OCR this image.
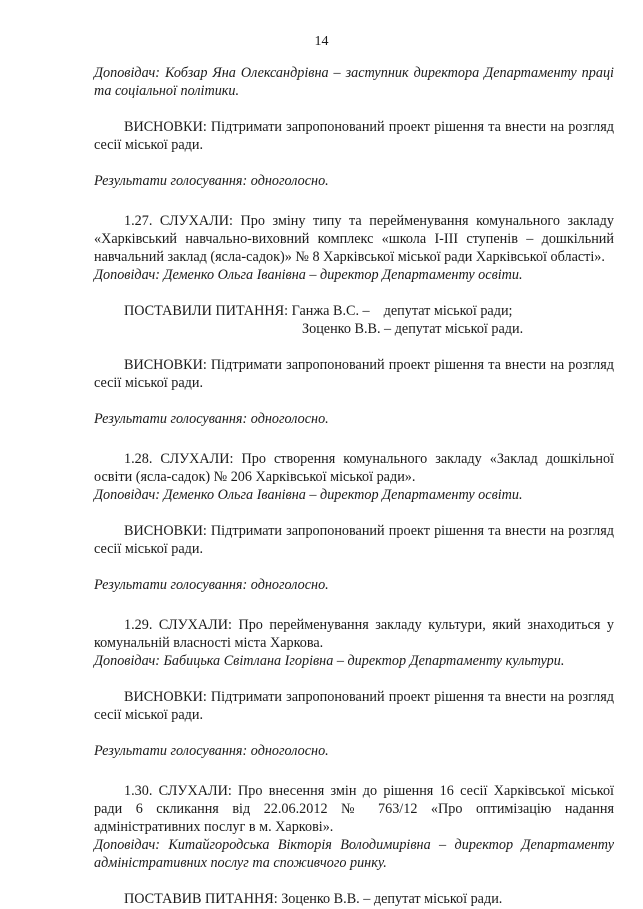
14

Доповідач: Кобзар Яна Олександрівна – заступник директора Департаменту праці та соціальної політики.

ВИСНОВКИ: Підтримати запропонований проект рішення та внести на розгляд сесії міської ради.

Результати голосування: одноголосно.

1.27. СЛУХАЛИ: Про зміну типу та перейменування комунального закладу «Харківський навчально-виховний комплекс «школа І-ІІІ ступенів – дошкільний навчальний заклад (ясла-садок)» № 8 Харківської міської ради Харківської області».

Доповідач: Деменко Ольга Іванівна – директор Департаменту освіти.

ПОСТАВИЛИ ПИТАННЯ: Ганжа В.С. – депутат міської ради;
Зоценко В.В. – депутат міської ради.

ВИСНОВКИ: Підтримати запропонований проект рішення та внести на розгляд сесії міської ради.

Результати голосування: одноголосно.

1.28. СЛУХАЛИ: Про створення комунального закладу «Заклад дошкільної освіти (ясла-садок) № 206 Харківської міської ради».

Доповідач: Деменко Ольга Іванівна – директор Департаменту освіти.

ВИСНОВКИ: Підтримати запропонований проект рішення та внести на розгляд сесії міської ради.

Результати голосування: одноголосно.

1.29. СЛУХАЛИ: Про перейменування закладу культури, який знаходиться у комунальній власності міста Харкова.

Доповідач: Бабицька Світлана Ігорівна – директор Департаменту культури.

ВИСНОВКИ: Підтримати запропонований проект рішення та внести на розгляд сесії міської ради.

Результати голосування: одноголосно.

1.30. СЛУХАЛИ: Про внесення змін до рішення 16 сесії Харківської міської ради 6 скликання від 22.06.2012 № 763/12 «Про оптимізацію надання адміністративних послуг в м. Харкові».

Доповідач: Китайгородська Вікторія Володимирівна – директор Департаменту адміністративних послуг та споживчого ринку.

ПОСТАВИВ ПИТАННЯ: Зоценко В.В. – депутат міської ради.
